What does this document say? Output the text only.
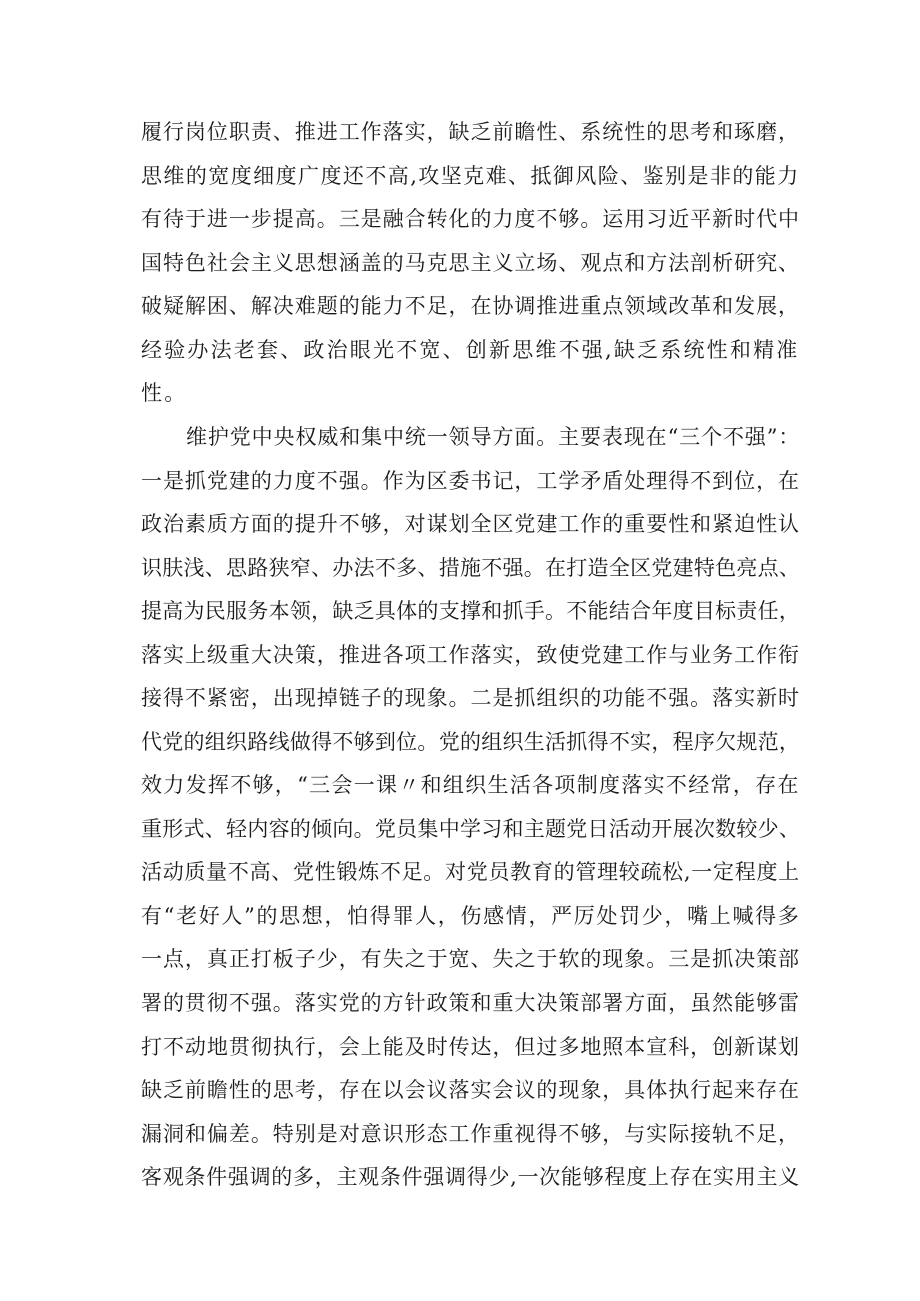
履行岗位职责、推进工作落实，缺乏前瞻性、系统性的思考和琢磨，
思维的宽度细度广度还不高,攻坚克难、抵御风险、鉴别是非的能力
有待于进一步提高。三是融合转化的力度不够。运用习近平新时代中
国特色社会主义思想涵盖的马克思主义立场、观点和方法剖析研究、
破疑解困、解决难题的能力不足，在协调推进重点领域改革和发展，
经验办法老套、政治眼光不宽、创新思维不强,缺乏系统性和精准
性。
维护党中央权威和集中统一领导方面。主要表现在“三个不强”：
一是抓党建的力度不强。作为区委书记，工学矛盾处理得不到位，在
政治素质方面的提升不够，对谋划全区党建工作的重要性和紧迫性认
识肤浅、思路狭窄、办法不多、措施不强。在打造全区党建特色亮点、
提高为民服务本领，缺乏具体的支撑和抓手。不能结合年度目标责任，
落实上级重大决策，推进各项工作落实，致使党建工作与业务工作衔
接得不紧密，出现掉链子的现象。二是抓组织的功能不强。落实新时
代党的组织路线做得不够到位。党的组织生活抓得不实，程序欠规范，
效力发挥不够，“三会一课〃和组织生活各项制度落实不经常，存在
重形式、轻内容的倾向。党员集中学习和主题党日活动开展次数较少、
活动质量不高、党性锻炼不足。对党员教育的管理较疏松,一定程度上
有“老好人”的思想，怕得罪人，伤感情，严厉处罚少，嘴上喊得多
一点，真正打板子少，有失之于宽、失之于软的现象。三是抓决策部
署的贯彻不强。落实党的方针政策和重大决策部署方面，虽然能够雷
打不动地贯彻执行，会上能及时传达，但过多地照本宣科，创新谋划
缺乏前瞻性的思考，存在以会议落实会议的现象，具体执行起来存在
漏洞和偏差。特别是对意识形态工作重视得不够，与实际接轨不足，
客观条件强调的多，主观条件强调得少,一次能够程度上存在实用主义
